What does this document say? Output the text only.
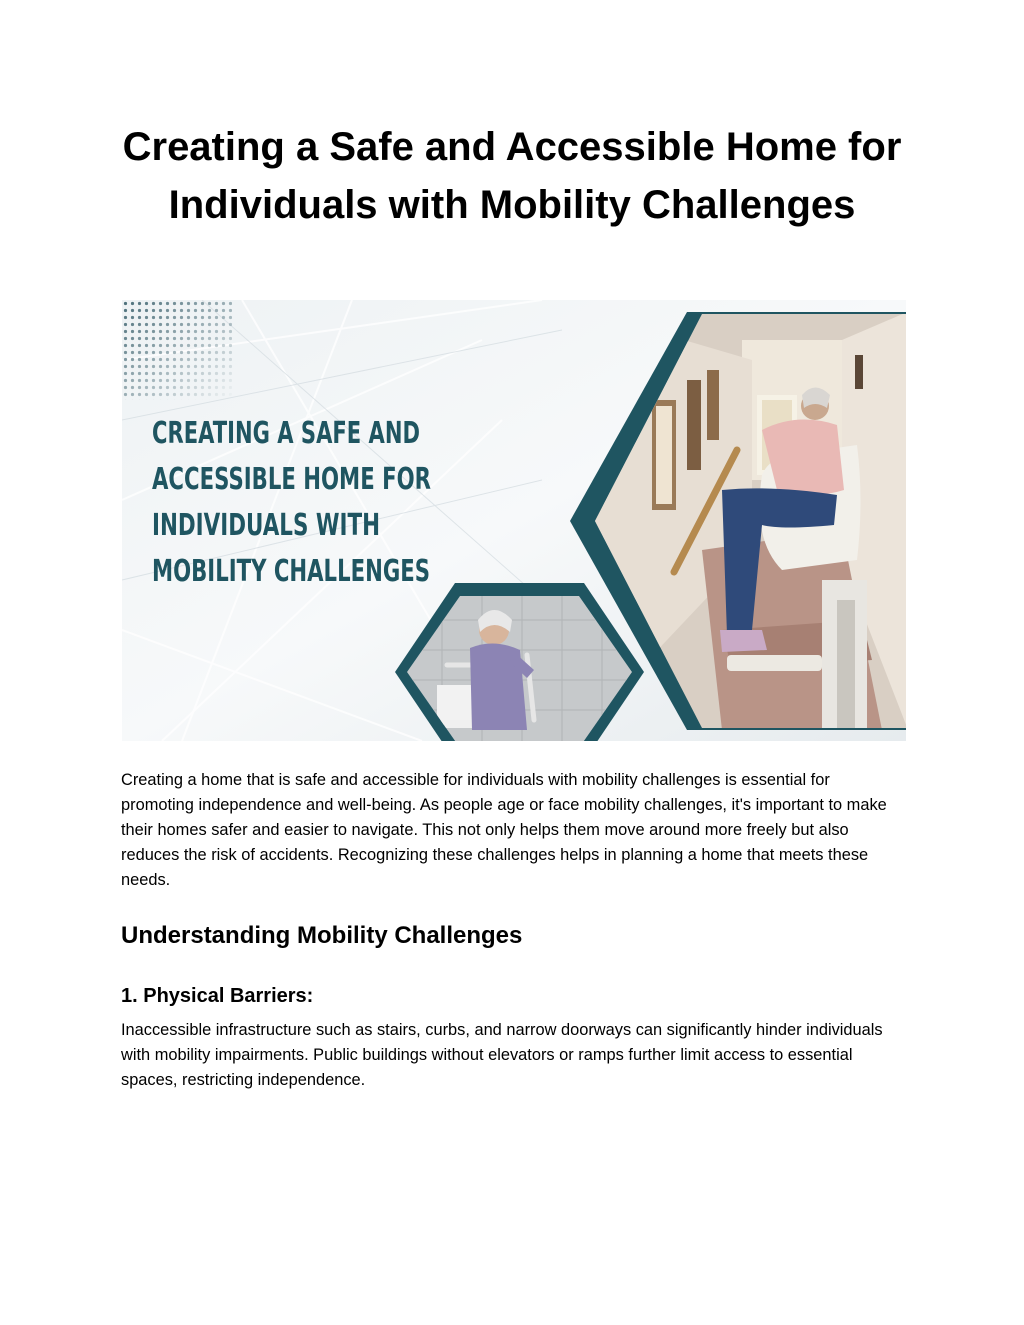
Creating a Safe and Accessible Home for Individuals with Mobility Challenges
CREATING A SAFE AND
ACCESSIBLE HOME FOR
INDIVIDUALS WITH
MOBILITY CHALLENGES

Creating a home that is safe and accessible for individuals with mobility challenges is essential for promoting independence and well-being. As people age or face mobility challenges, it's important to make their homes safer and easier to navigate. This not only helps them move around more freely but also reduces the risk of accidents. Recognizing these challenges helps in planning a home that meets these needs.

Understanding Mobility Challenges
1. Physical Barriers:

Inaccessible infrastructure such as stairs, curbs, and narrow doorways can significantly hinder individuals with mobility impairments. Public buildings without elevators or ramps further limit access to essential spaces, restricting independence.
